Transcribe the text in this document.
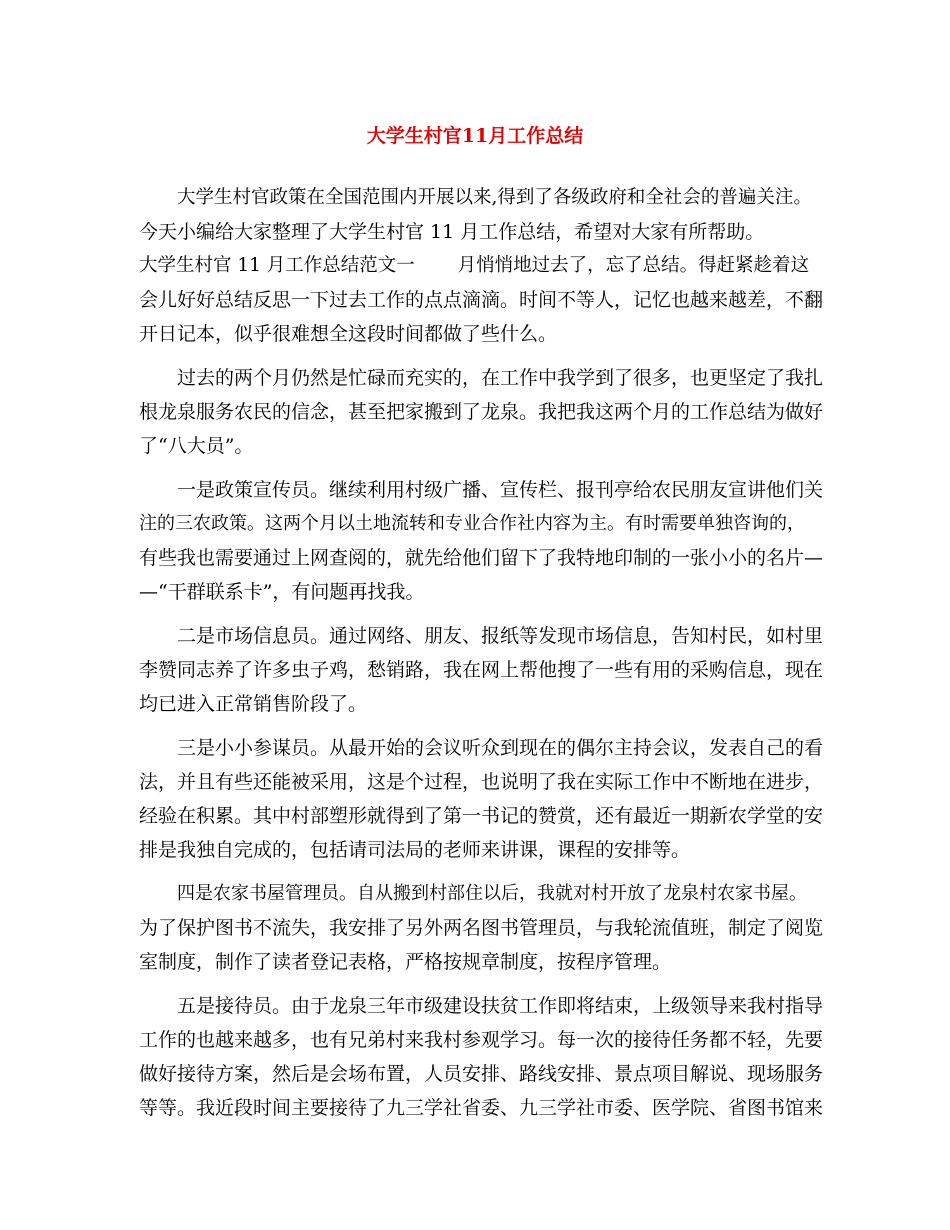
大学生村官11月工作总结
大学生村官政策在全国范围内开展以来,得到了各级政府和全社会的普遍关注。
今天小编给大家整理了大学生村官 11 月工作总结，希望对大家有所帮助。
大学生村官 11 月工作总结范文一　　 月悄悄地过去了，忘了总结。得赶紧趁着这
会儿好好总结反思一下过去工作的点点滴滴。时间不等人，记忆也越来越差，不翻
开日记本，似乎很难想全这段时间都做了些什么。
过去的两个月仍然是忙碌而充实的，在工作中我学到了很多，也更坚定了我扎
根龙泉服务农民的信念，甚至把家搬到了龙泉。我把我这两个月的工作总结为做好
了“八大员”。
一是政策宣传员。继续利用村级广播、宣传栏、报刊亭给农民朋友宣讲他们关
注的三农政策。这两个月以土地流转和专业合作社内容为主。有时需要单独咨询的，
有些我也需要通过上网查阅的，就先给他们留下了我特地印制的一张小小的名片—
—“干群联系卡”，有问题再找我。
二是市场信息员。通过网络、朋友、报纸等发现市场信息，告知村民，如村里
李赞同志养了许多虫子鸡，愁销路，我在网上帮他搜了一些有用的采购信息，现在
均已进入正常销售阶段了。
三是小小参谋员。从最开始的会议听众到现在的偶尔主持会议，发表自己的看
法，并且有些还能被采用，这是个过程，也说明了我在实际工作中不断地在进步，
经验在积累。其中村部塑形就得到了第一书记的赞赏，还有最近一期新农学堂的安
排是我独自完成的，包括请司法局的老师来讲课，课程的安排等。
四是农家书屋管理员。自从搬到村部住以后，我就对村开放了龙泉村农家书屋。
为了保护图书不流失，我安排了另外两名图书管理员，与我轮流值班，制定了阅览
室制度，制作了读者登记表格，严格按规章制度，按程序管理。
五是接待员。由于龙泉三年市级建设扶贫工作即将结束，上级领导来我村指导
工作的也越来越多，也有兄弟村来我村参观学习。每一次的接待任务都不轻，先要
做好接待方案，然后是会场布置，人员安排、路线安排、景点项目解说、现场服务
等等。我近段时间主要接待了九三学社省委、九三学社市委、医学院、省图书馆来
